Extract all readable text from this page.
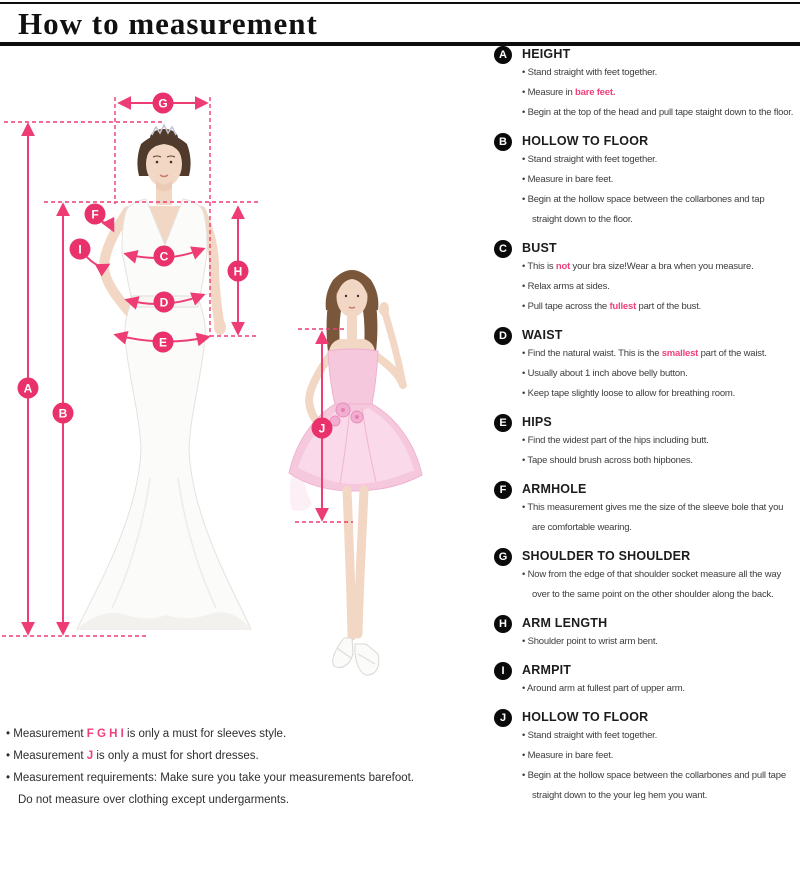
How to measurement
G
A
B
F
I	C
H
D
E
J
A	HEIGHT
• Stand straight with feet together.
• Measure in bare feet.
• Begin at the top of the head and pull tape staight down to the floor.
B	HOLLOW TO FLOOR
• Stand straight with feet together.
• Measure in bare feet.
• Begin at the hollow space between the collarbones and tap straight down to the floor.
C	BUST
• This is not your bra size!Wear a bra when you measure.
• Relax arms at sides.
• Pull tape across the fullest part of the bust.
D	WAIST
• Find the natural waist. This is the smallest part of the waist.
• Usually about 1 inch above belly button.
• Keep tape slightly loose to allow for breathing room.
E	HIPS
• Find the widest part of the hips including butt.
• Tape should brush across both hipbones.
F	ARMHOLE
• This measurement gives me the size of the sleeve bole that you are comfortable wearing.
G	SHOULDER TO SHOULDER
• Now from the edge of that shoulder socket measure all the way over to the same point on the other shoulder along the back.
H	ARM LENGTH
• Shoulder point to wrist arm bent.
I	ARMPIT
• Around arm at fullest part of upper arm.
J	HOLLOW TO FLOOR
• Stand straight with feet together.
• Measure in bare feet.
• Begin at the hollow space between the collarbones and pull tape straight down to the your leg hem you want.
• Measurement F G H I is only a must for sleeves style.
• Measurement J is only a must for short dresses.
• Measurement requirements: Make sure you take your measurements barefoot.
Do not measure over clothing except undergarments.
